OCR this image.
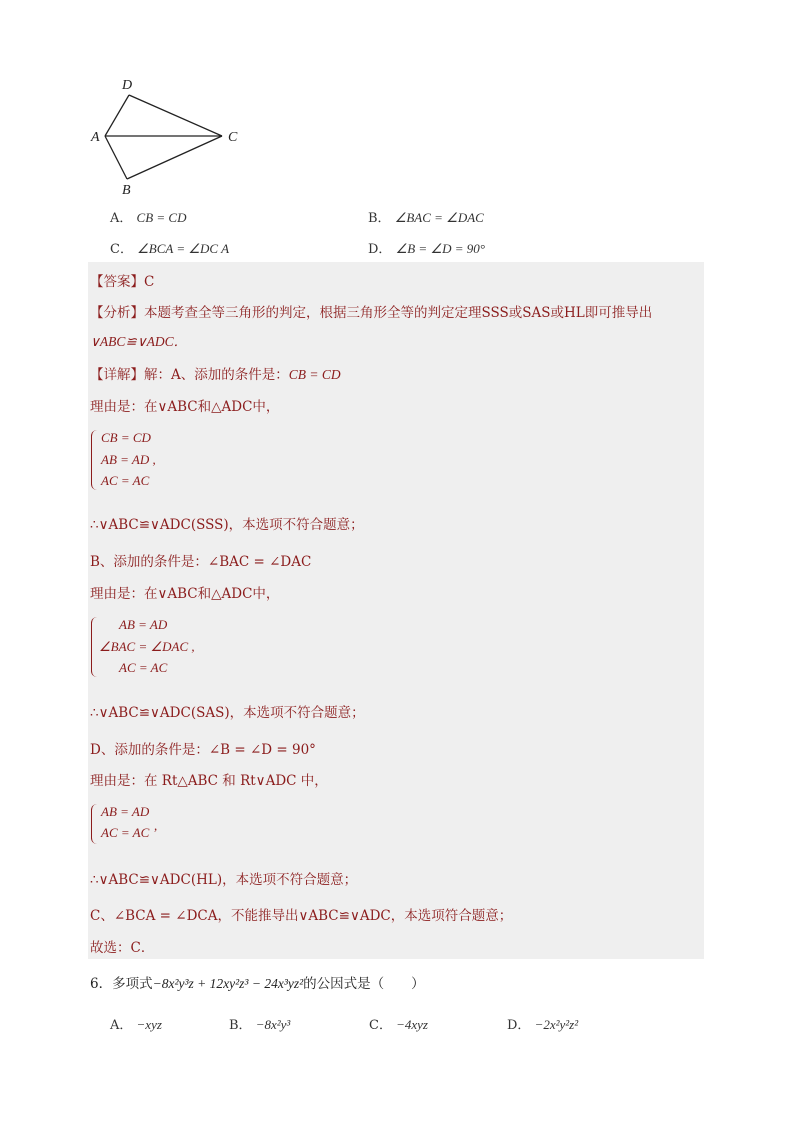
D
A	C
B
A． CB = CD	B． ∠BAC = ∠DAC
C． ∠BCA = ∠DC A	D． ∠B = ∠D = 90°
【答案】C
【分析】本题考查全等三角形的判定，根据三角形全等的判定定理SSS或SAS或HL即可推导出
∨ABC≌∨ADC．
【详解】解：A、添加的条件是：CB = CD
理由是：在∨ABC和△ADC中，
CB = CD
AB = AD ,
AC = AC
∴∨ABC≌∨ADC(SSS)，本选项不符合题意；
B、添加的条件是：∠BAC = ∠DAC
理由是：在∨ABC和△ADC中，
AB = AD
∠BAC = ∠DAC ,
AC = AC
∴∨ABC≌∨ADC(SAS)，本选项不符合题意；
D、添加的条件是：∠B = ∠D = 90°
理由是：在 Rt△ABC 和 Rt∨ADC 中，
AB = AD
AC = AC ’
∴∨ABC≌∨ADC(HL)，本选项不符合题意；
C、∠BCA = ∠DCA，不能推导出∨ABC≌∨ADC，本选项符合题意；
故选：C．
6．多项式−8x²y³z + 12xy²z³ − 24x³yz²的公因式是（　　）
A． −xyz	B． −8x²y³	C． −4xyz	D． −2x²y²z²
